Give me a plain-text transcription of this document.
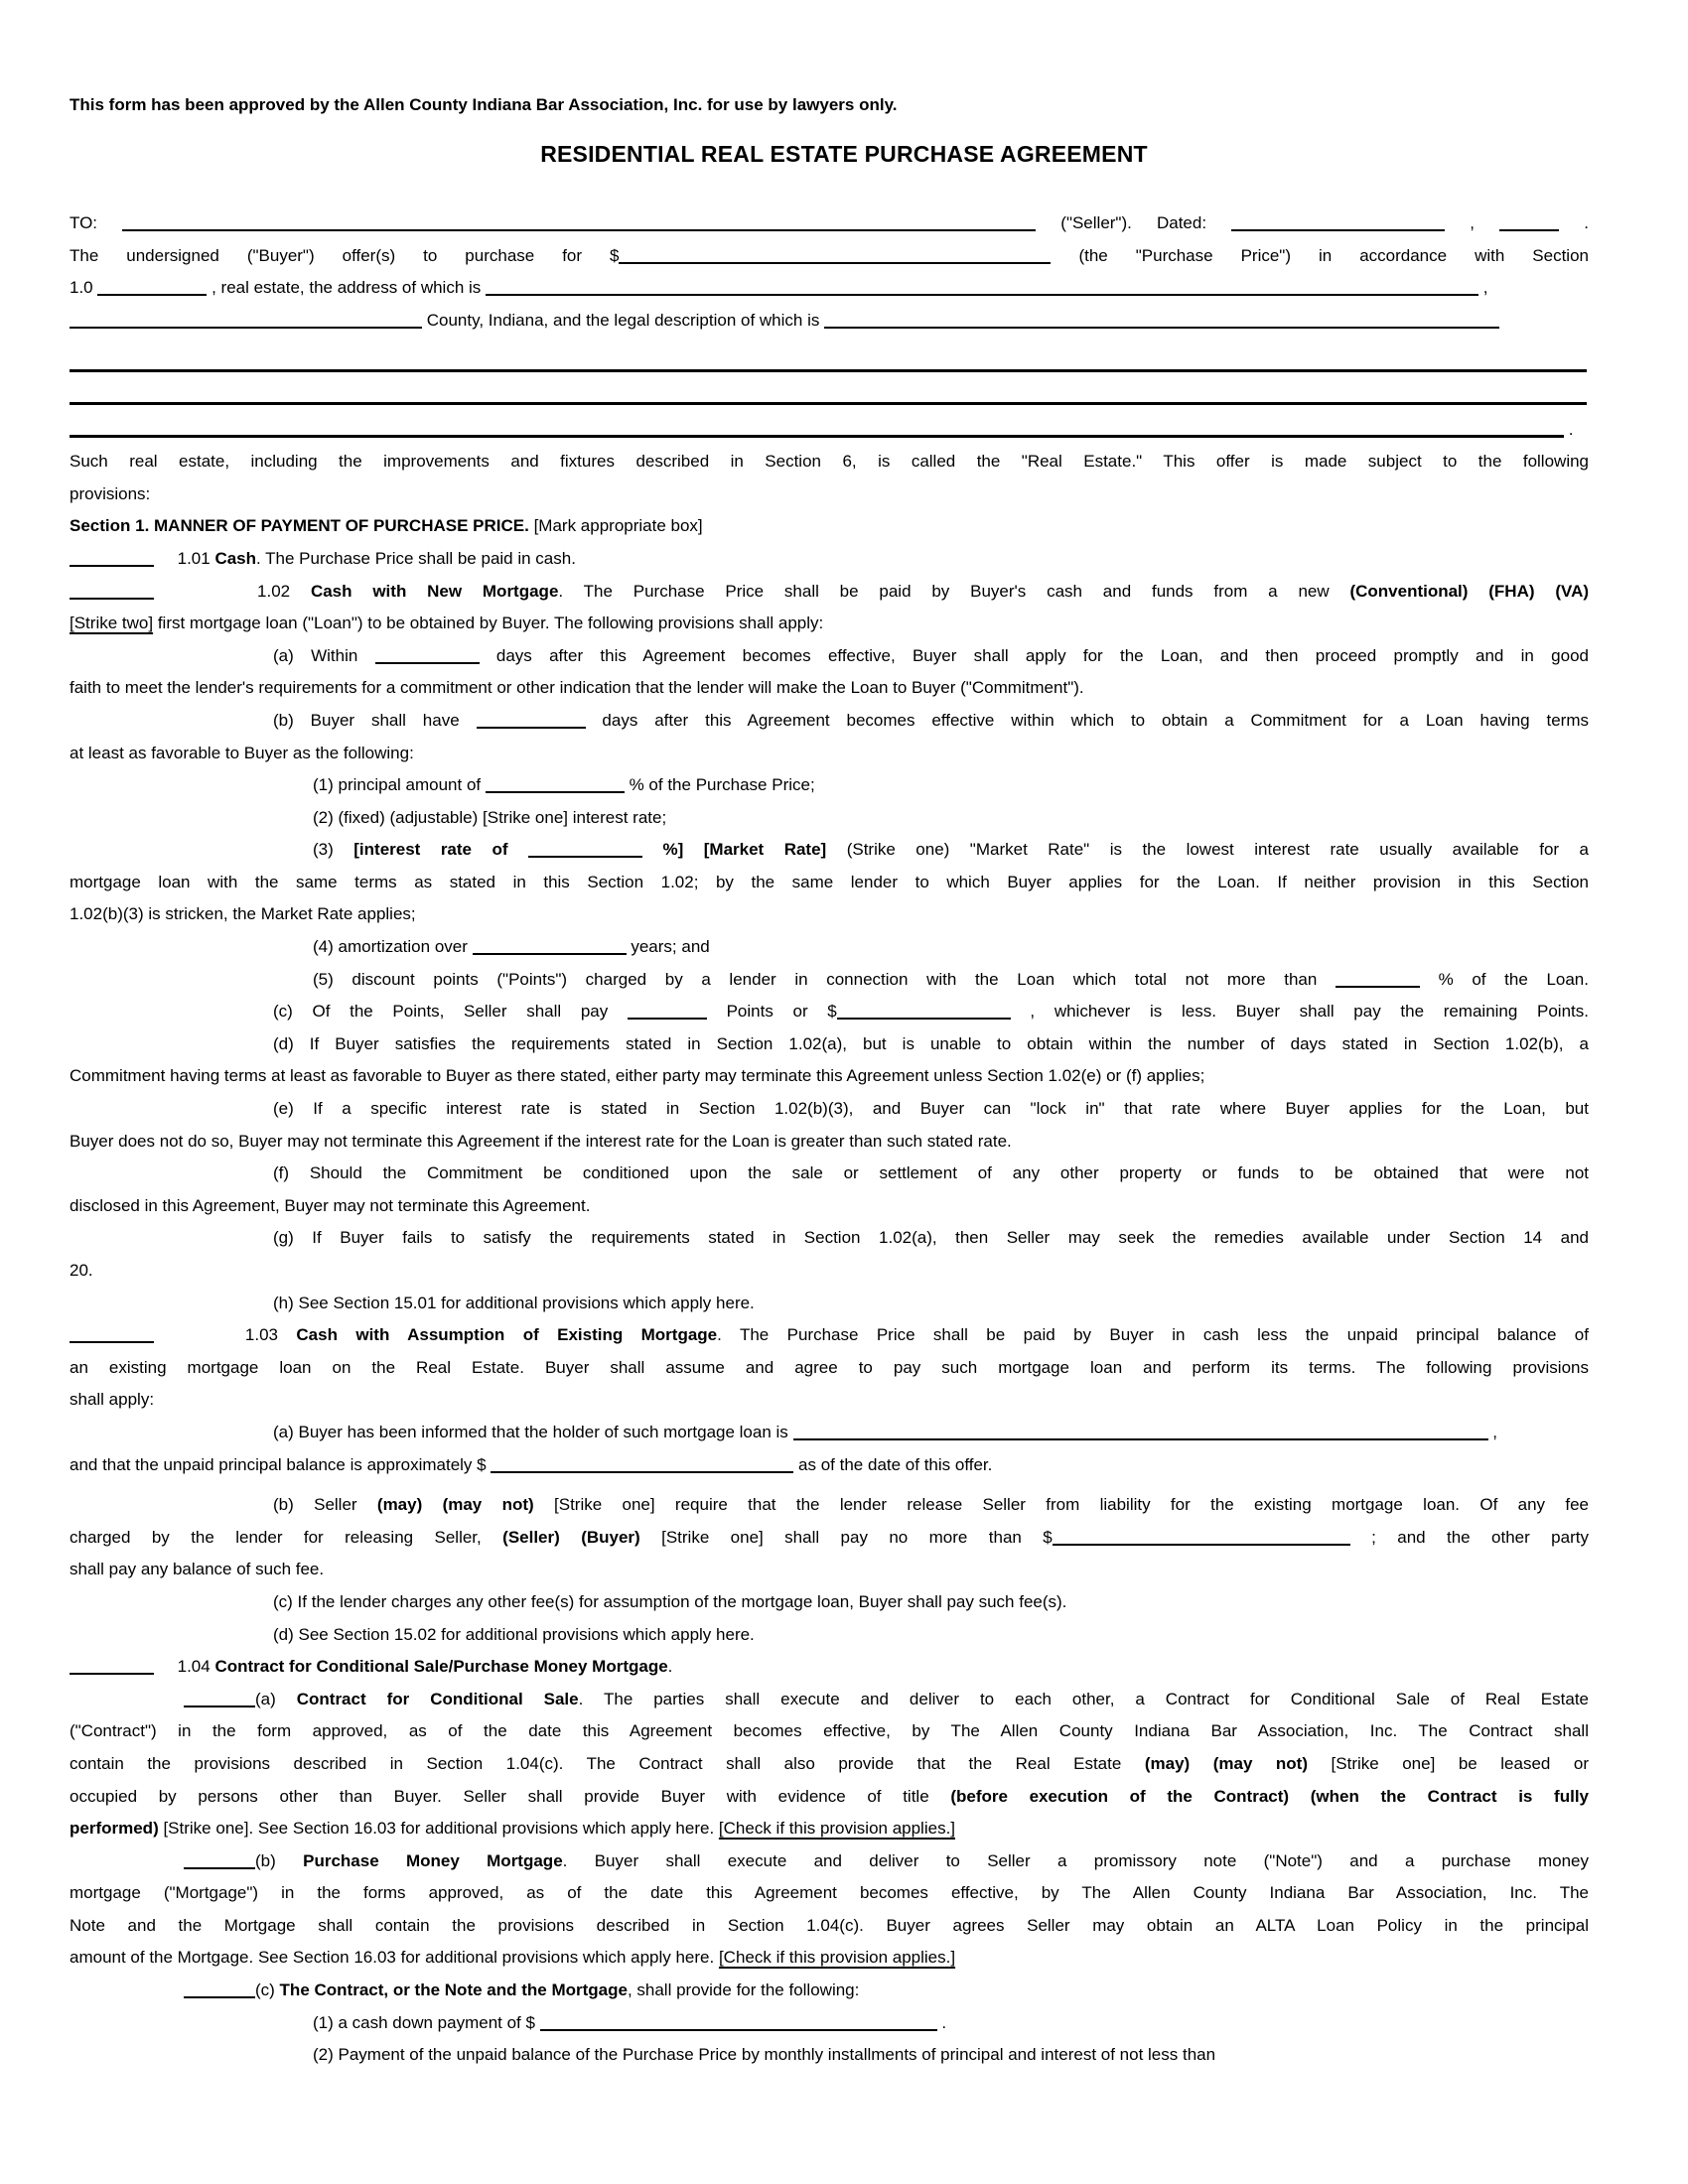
This form has been approved by the Allen County Indiana Bar Association, Inc. for use by lawyers only.
RESIDENTIAL REAL ESTATE PURCHASE AGREEMENT
TO:	("Seller"). Dated:	,	.
The undersigned ("Buyer") offer(s) to purchase for $	(the "Purchase Price") in accordance with Section
1.0	, real estate, the address of which is	,
County, Indiana, and the legal description of which is
.
Such real estate, including the improvements and fixtures described in Section 6, is called the "Real Estate." This offer is made subject to the following
provisions:
Section 1. MANNER OF PAYMENT OF PURCHASE PRICE. [Mark appropriate box]
1.01 Cash. The Purchase Price shall be paid in cash.
1.02 Cash with New Mortgage. The Purchase Price shall be paid by Buyer's cash and funds from a new (Conventional) (FHA) (VA)
[Strike two] first mortgage loan ("Loan") to be obtained by Buyer. The following provisions shall apply:
(a) Within	days after this Agreement becomes effective, Buyer shall apply for the Loan, and then proceed promptly and in good
faith to meet the lender's requirements for a commitment or other indication that the lender will make the Loan to Buyer ("Commitment").
(b) Buyer shall have	days after this Agreement becomes effective within which to obtain a Commitment for a Loan having terms
at least as favorable to Buyer as the following:
(1) principal amount of	% of the Purchase Price;
(2) (fixed) (adjustable) [Strike one] interest rate;
(3) [interest rate of	%] [Market Rate] (Strike one) "Market Rate" is the lowest interest rate usually available for a
mortgage loan with the same terms as stated in this Section 1.02; by the same lender to which Buyer applies for the Loan. If neither provision in this Section
1.02(b)(3) is stricken, the Market Rate applies;
(4) amortization over	years; and
(5) discount points ("Points") charged by a lender in connection with the Loan which total not more than	% of the Loan.
(c) Of the Points, Seller shall pay	Points or $	, whichever is less. Buyer shall pay the remaining Points.
(d) If Buyer satisfies the requirements stated in Section 1.02(a), but is unable to obtain within the number of days stated in Section 1.02(b), a
Commitment having terms at least as favorable to Buyer as there stated, either party may terminate this Agreement unless Section 1.02(e) or (f) applies;
(e) If a specific interest rate is stated in Section 1.02(b)(3), and Buyer can "lock in" that rate where Buyer applies for the Loan, but
Buyer does not do so, Buyer may not terminate this Agreement if the interest rate for the Loan is greater than such stated rate.
(f) Should the Commitment be conditioned upon the sale or settlement of any other property or funds to be obtained that were not
disclosed in this Agreement, Buyer may not terminate this Agreement.
(g) If Buyer fails to satisfy the requirements stated in Section 1.02(a), then Seller may seek the remedies available under Section 14 and
20.
(h) See Section 15.01 for additional provisions which apply here.
1.03 Cash with Assumption of Existing Mortgage. The Purchase Price shall be paid by Buyer in cash less the unpaid principal balance of
an existing mortgage loan on the Real Estate. Buyer shall assume and agree to pay such mortgage loan and perform its terms. The following provisions
shall apply:
(a) Buyer has been informed that the holder of such mortgage loan is	,
and that the unpaid principal balance is approximately $	as of the date of this offer.
(b) Seller (may) (may not) [Strike one] require that the lender release Seller from liability for the existing mortgage loan. Of any fee
charged by the lender for releasing Seller, (Seller) (Buyer) [Strike one] shall pay no more than $	; and the other party
shall pay any balance of such fee.
(c) If the lender charges any other fee(s) for assumption of the mortgage loan, Buyer shall pay such fee(s).
(d) See Section 15.02 for additional provisions which apply here.
1.04 Contract for Conditional Sale/Purchase Money Mortgage.
(a) Contract for Conditional Sale. The parties shall execute and deliver to each other, a Contract for Conditional Sale of Real Estate
("Contract") in the form approved, as of the date this Agreement becomes effective, by The Allen County Indiana Bar Association, Inc. The Contract shall
contain the provisions described in Section 1.04(c). The Contract shall also provide that the Real Estate (may) (may not) [Strike one] be leased or
occupied by persons other than Buyer. Seller shall provide Buyer with evidence of title (before execution of the Contract) (when the Contract is fully
performed) [Strike one]. See Section 16.03 for additional provisions which apply here. [Check if this provision applies.]
(b) Purchase Money Mortgage. Buyer shall execute and deliver to Seller a promissory note ("Note") and a purchase money
mortgage ("Mortgage") in the forms approved, as of the date this Agreement becomes effective, by The Allen County Indiana Bar Association, Inc. The
Note and the Mortgage shall contain the provisions described in Section 1.04(c). Buyer agrees Seller may obtain an ALTA Loan Policy in the principal
amount of the Mortgage. See Section 16.03 for additional provisions which apply here. [Check if this provision applies.]
(c) The Contract, or the Note and the Mortgage, shall provide for the following:
(1) a cash down payment of $	.
(2) Payment of the unpaid balance of the Purchase Price by monthly installments of principal and interest of not less than
